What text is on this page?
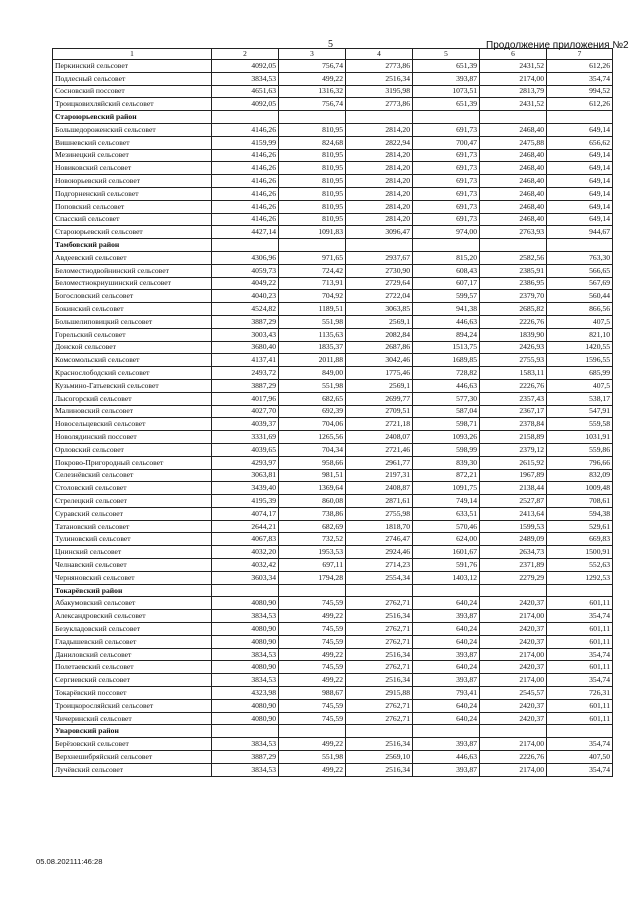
5	Продолжение приложения №2
1	2	3	4	5	6	7
Перкинский сельсовет	4092,05	756,74	2773,86	651,39	2431,52	612,26
Подлесный сельсовет	3834,53	499,22	2516,34	393,87	2174,00	354,74
Сосновский поссовет	4651,63	1316,32	3195,98	1073,51	2813,79	994,52
Троицковихляйский сельсовет	4092,05	756,74	2773,86	651,39	2431,52	612,26
Староюрьевский район						
Большедороженский сельсовет	4146,26	810,95	2814,20	691,73	2468,40	649,14
Вишневский сельсовет	4159,99	824,68	2822,94	700,47	2475,88	656,62
Мезинецкий сельсовет	4146,26	810,95	2814,20	691,73	2468,40	649,14
Новиковский сельсовет	4146,26	810,95	2814,20	691,73	2468,40	649,14
Новоюрьевский сельсовет	4146,26	810,95	2814,20	691,73	2468,40	649,14
Подгорненский сельсовет	4146,26	810,95	2814,20	691,73	2468,40	649,14
Поповский сельсовет	4146,26	810,95	2814,20	691,73	2468,40	649,14
Спасский сельсовет	4146,26	810,95	2814,20	691,73	2468,40	649,14
Староюрьевский сельсовет	4427,14	1091,83	3096,47	974,00	2763,93	944,67
Тамбовский район						
Авдеевский сельсовет	4306,96	971,65	2937,67	815,20	2582,56	763,30
Беломестнодвойнинский сельсовет	4059,73	724,42	2730,90	608,43	2385,91	566,65
Беломестнокриушинский сельсовет	4049,22	713,91	2729,64	607,17	2386,95	567,69
Богословский сельсовет	4040,23	704,92	2722,04	599,57	2379,70	560,44
Бокинский сельсовет	4524,82	1189,51	3063,85	941,38	2685,82	866,56
Большелиповицкий сельсовет	3887,29	551,98	2569,1	446,63	2226,76	407,5
Горельский сельсовет	3003,43	1135,63	2082,84	894,24	1839,90	821,10
Донской сельсовет	3680,40	1835,37	2687,86	1513,75	2426,93	1420,55
Комсомольский сельсовет	4137,41	2011,88	3042,46	1689,85	2755,93	1596,55
Краснослободский сельсовет	2493,72	849,00	1775,46	728,82	1583,11	685,99
Кузьмино-Гатьевский сельсовет	3887,29	551,98	2569,1	446,63	2226,76	407,5
Лысогорский сельсовет	4017,96	682,65	2699,77	577,30	2357,43	538,17
Малиновский сельсовет	4027,70	692,39	2709,51	587,04	2367,17	547,91
Новосельцевский сельсовет	4039,37	704,06	2721,18	598,71	2378,84	559,58
Новолядинский поссовет	3331,69	1265,56	2408,07	1093,26	2158,89	1031,91
Орловский сельсовет	4039,65	704,34	2721,46	598,99	2379,12	559,86
Покрово-Пригородный сельсовет	4293,97	958,66	2961,77	839,30	2615,92	796,66
Селезнёвский сельсовет	3063,81	981,51	2197,31	872,21	1967,89	832,09
Столовский сельсовет	3439,40	1369,64	2408,87	1091,75	2138,44	1009,48
Стрелецкий сельсовет	4195,39	860,08	2871,61	749,14	2527,87	708,61
Суравский сельсовет	4074,17	738,86	2755,98	633,51	2413,64	594,38
Татановский сельсовет	2644,21	682,69	1818,70	570,46	1599,53	529,61
Тулиновский сельсовет	4067,83	732,52	2746,47	624,00	2489,09	669,83
Цнинский сельсовет	4032,20	1953,53	2924,46	1601,67	2634,73	1500,91
Челнавский сельсовет	4032,42	697,11	2714,23	591,76	2371,89	552,63
Черняновский сельсовет	3603,34	1794,28	2554,34	1403,12	2279,29	1292,53
Токарёвский район						
Абакумовский сельсовет	4080,90	745,59	2762,71	640,24	2420,37	601,11
Александровский сельсовет	3834,53	499,22	2516,34	393,87	2174,00	354,74
Безукладовский сельсовет	4080,90	745,59	2762,71	640,24	2420,37	601,11
Гладышевский сельсовет	4080,90	745,59	2762,71	640,24	2420,37	601,11
Даниловский сельсовет	3834,53	499,22	2516,34	393,87	2174,00	354,74
Полетаевский сельсовет	4080,90	745,59	2762,71	640,24	2420,37	601,11
Сергиевский сельсовет	3834,53	499,22	2516,34	393,87	2174,00	354,74
Токарёвский поссовет	4323,98	988,67	2915,88	793,41	2545,57	726,31
Троицкоросляйский сельсовет	4080,90	745,59	2762,71	640,24	2420,37	601,11
Чичеринский сельсовет	4080,90	745,59	2762,71	640,24	2420,37	601,11
Уваровский район						
Берёзовский сельсовет	3834,53	499,22	2516,34	393,87	2174,00	354,74
Верхнешибряйский сельсовет	3887,29	551,98	2569,10	446,63	2226,76	407,50
Лучёвский сельсовет	3834,53	499,22	2516,34	393,87	2174,00	354,74
05.08.202111:46:28
